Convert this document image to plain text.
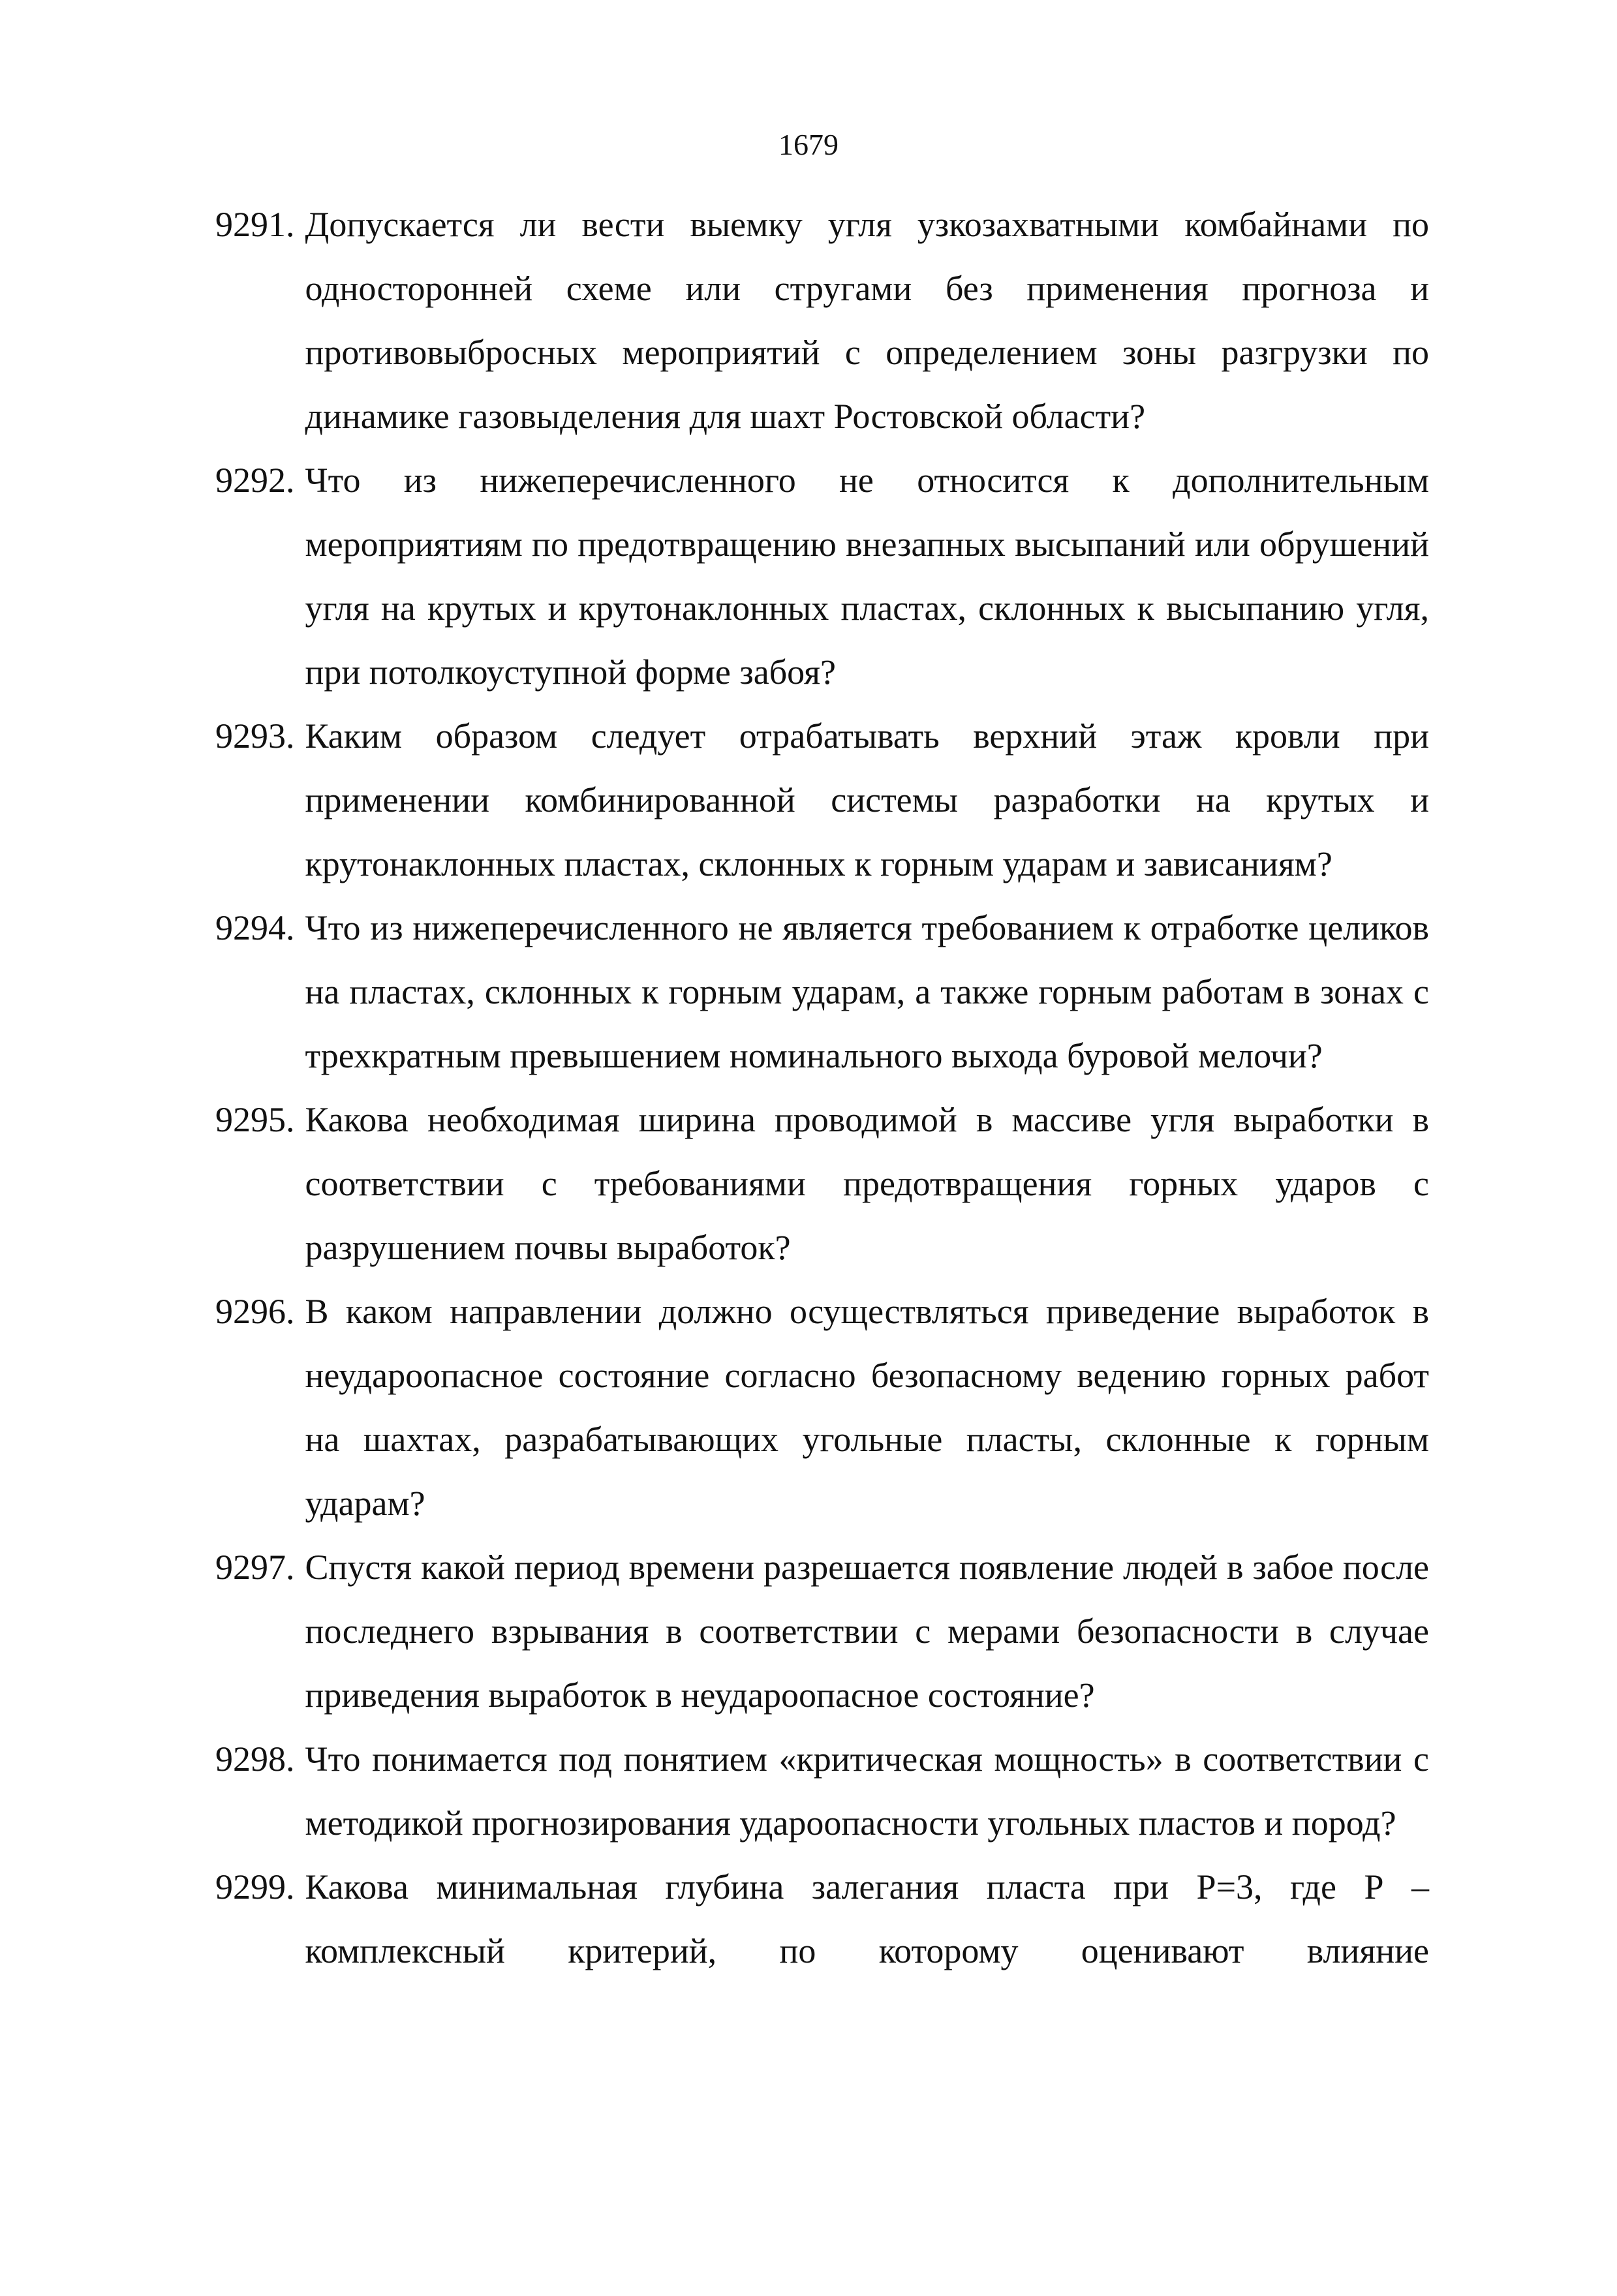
1679
9291. Допускается ли вести выемку угля узкозахватными комбайнами по односторонней схеме или стругами без применения прогноза и противовыбросных мероприятий с определением зоны разгрузки по динамике газовыделения для шахт Ростовской области?
9292. Что из нижеперечисленного не относится к дополнительным мероприятиям по предотвращению внезапных высыпаний или обрушений угля на крутых и крутонаклонных пластах, склонных к высыпанию угля, при потолкоуступной форме забоя?
9293. Каким образом следует отрабатывать верхний этаж кровли при применении комбинированной системы разработки на крутых и крутонаклонных пластах, склонных к горным ударам и зависаниям?
9294. Что из нижеперечисленного не является требованием к отработке целиков на пластах, склонных к горным ударам, а также горным работам в зонах с трехкратным превышением номинального выхода буровой мелочи?
9295. Какова необходимая ширина проводимой в массиве угля выработки в соответствии с требованиями предотвращения горных ударов с разрушением почвы выработок?
9296. В каком направлении должно осуществляться приведение выработок в неудароопасное состояние согласно безопасному ведению горных работ на шахтах, разрабатывающих угольные пласты, склонные к горным ударам?
9297. Спустя какой период времени разрешается появление людей в забое после последнего взрывания в соответствии с мерами безопасности в случае приведения выработок в неудароопасное состояние?
9298. Что понимается под понятием «критическая мощность» в соответствии с методикой прогнозирования удароопасности угольных пластов и пород?
9299. Какова минимальная глубина залегания пласта при Р=3, где Р – комплексный критерий, по которому оценивают влияние
